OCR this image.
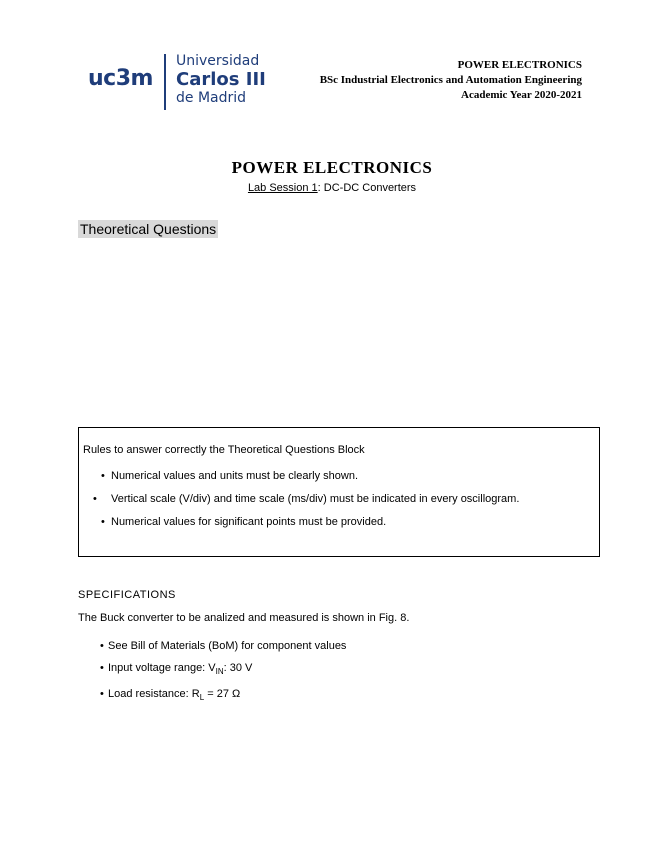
uc3m
Universidad
Carlos III
de Madrid
POWER ELECTRONICS
BSc Industrial Electronics and Automation Engineering
Academic Year 2020-2021
POWER ELECTRONICS
Lab Session 1: DC-DC Converters
Theoretical Questions
Rules to answer correctly the Theoretical Questions Block
• Numerical values and units must be clearly shown.
• Vertical scale (V/div) and time scale (ms/div) must be indicated in every oscillogram.
• Numerical values for significant points must be provided.
SPECIFICATIONS
The Buck converter to be analized and measured is shown in Fig. 8.
• See Bill of Materials (BoM) for component values
• Input voltage range: $V_{IN}$: 30 V
• Load resistance: $R_L = 27$ Ω
